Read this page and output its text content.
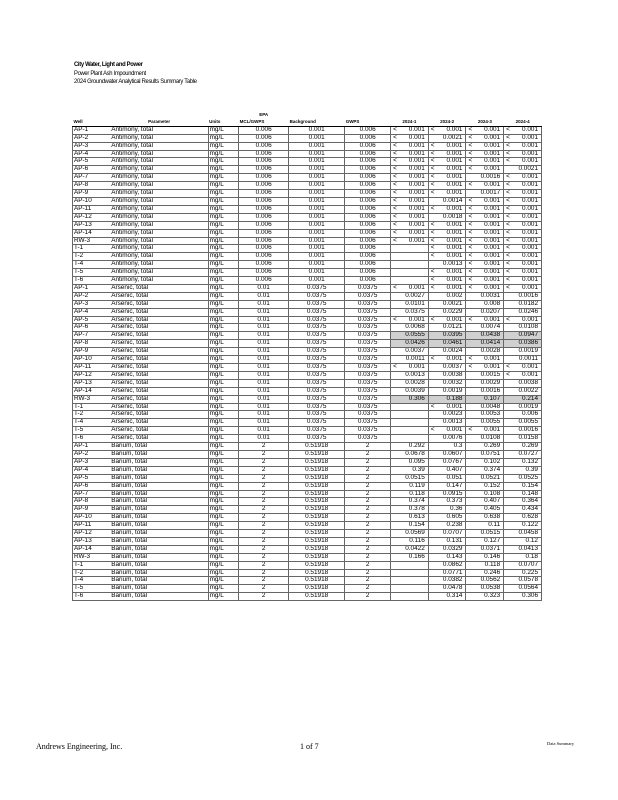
City Water, Light and Power
Power Plant Ash Impoundment
2024 Groundwater Analytical Results Summary Table
			EPA										
Well	Parameter	Units	MCL/GWPS	Background	GWPS	2024-1		2024-2		2024-3		2024-4	
AP-1	Antimony, total	mg/L	0.006	0.001	0.006	<	0.001	<	0.001	<	0.001	<	0.001
AP-2	Antimony, total	mg/L	0.006	0.001	0.006	<	0.001		0.0021	<	0.001	<	0.001
AP-3	Antimony, total	mg/L	0.006	0.001	0.006	<	0.001	<	0.001	<	0.001	<	0.001
AP-4	Antimony, total	mg/L	0.006	0.001	0.006	<	0.001	<	0.001	<	0.001	<	0.001
AP-5	Antimony, total	mg/L	0.006	0.001	0.006	<	0.001	<	0.001	<	0.001	<	0.001
AP-6	Antimony, total	mg/L	0.006	0.001	0.006	<	0.001	<	0.001	<	0.001		0.0021
AP-7	Antimony, total	mg/L	0.006	0.001	0.006	<	0.001	<	0.001		0.0016	<	0.001
AP-8	Antimony, total	mg/L	0.006	0.001	0.006	<	0.001	<	0.001	<	0.001	<	0.001
AP-9	Antimony, total	mg/L	0.006	0.001	0.006	<	0.001	<	0.001		0.0017	<	0.001
AP-10	Antimony, total	mg/L	0.006	0.001	0.006	<	0.001		0.0014	<	0.001	<	0.001
AP-11	Antimony, total	mg/L	0.006	0.001	0.006	<	0.001	<	0.001	<	0.001	<	0.001
AP-12	Antimony, total	mg/L	0.006	0.001	0.006	<	0.001		0.0018	<	0.001	<	0.001
AP-13	Antimony, total	mg/L	0.006	0.001	0.006	<	0.001	<	0.001	<	0.001	<	0.001
AP-14	Antimony, total	mg/L	0.006	0.001	0.006	<	0.001	<	0.001	<	0.001	<	0.001
RW-3	Antimony, total	mg/L	0.006	0.001	0.006	<	0.001	<	0.001	<	0.001	<	0.001
T-1	Antimony, total	mg/L	0.006	0.001	0.006			<	0.001	<	0.001	<	0.001
T-2	Antimony, total	mg/L	0.006	0.001	0.006			<	0.001	<	0.001	<	0.001
T-4	Antimony, total	mg/L	0.006	0.001	0.006				0.0013	<	0.001	<	0.001
T-5	Antimony, total	mg/L	0.006	0.001	0.006			<	0.001	<	0.001	<	0.001
T-6	Antimony, total	mg/L	0.006	0.001	0.006			<	0.001	<	0.001	<	0.001
AP-1	Arsenic, total	mg/L	0.01	0.0375	0.0375	<	0.001	<	0.001	<	0.001	<	0.001
AP-2	Arsenic, total	mg/L	0.01	0.0375	0.0375		0.0027		0.002		0.0031		0.0016
AP-3	Arsenic, total	mg/L	0.01	0.0375	0.0375		0.0101		0.0021		0.008		0.0182
AP-4	Arsenic, total	mg/L	0.01	0.0375	0.0375		0.0375		0.0229		0.0207		0.0246
AP-5	Arsenic, total	mg/L	0.01	0.0375	0.0375	<	0.001	<	0.001	<	0.001	<	0.001
AP-6	Arsenic, total	mg/L	0.01	0.0375	0.0375		0.0068		0.0121		0.0074		0.0108
AP-7	Arsenic, total	mg/L	0.01	0.0375	0.0375		0.0555		0.0395		0.0438		0.0947
AP-8	Arsenic, total	mg/L	0.01	0.0375	0.0375		0.0426		0.0461		0.0414		0.0386
AP-9	Arsenic, total	mg/L	0.01	0.0375	0.0375		0.0037		0.0024		0.0028		0.0019
AP-10	Arsenic, total	mg/L	0.01	0.0375	0.0375		0.0011	<	0.001	<	0.001		0.0011
AP-11	Arsenic, total	mg/L	0.01	0.0375	0.0375	<	0.001		0.0037	<	0.001	<	0.001
AP-12	Arsenic, total	mg/L	0.01	0.0375	0.0375		0.0013		0.0038		0.0015	<	0.001
AP-13	Arsenic, total	mg/L	0.01	0.0375	0.0375		0.0028		0.0032		0.0029		0.0038
AP-14	Arsenic, total	mg/L	0.01	0.0375	0.0375		0.0039		0.0019		0.0016		0.0022
RW-3	Arsenic, total	mg/L	0.01	0.0375	0.0375		0.306		0.188		0.107		0.214
T-1	Arsenic, total	mg/L	0.01	0.0375	0.0375			<	0.001		0.0048		0.0019
T-2	Arsenic, total	mg/L	0.01	0.0375	0.0375				0.0023		0.0053		0.006
T-4	Arsenic, total	mg/L	0.01	0.0375	0.0375				0.0013		0.0055		0.0055
T-5	Arsenic, total	mg/L	0.01	0.0375	0.0375			<	0.001	<	0.001		0.0016
T-6	Arsenic, total	mg/L	0.01	0.0375	0.0375				0.0076		0.0108		0.0158
AP-1	Barium, total	mg/L	2	0.51918	2		0.292		0.3		0.269		0.269
AP-2	Barium, total	mg/L	2	0.51918	2		0.0678		0.0607		0.0751		0.0727
AP-3	Barium, total	mg/L	2	0.51918	2		0.095		0.0767		0.102		0.132
AP-4	Barium, total	mg/L	2	0.51918	2		0.39		0.407		0.374		0.39
AP-5	Barium, total	mg/L	2	0.51918	2		0.0515		0.051		0.0521		0.0525
AP-6	Barium, total	mg/L	2	0.51918	2		0.119		0.147		0.152		0.154
AP-7	Barium, total	mg/L	2	0.51918	2		0.118		0.0915		0.108		0.148
AP-8	Barium, total	mg/L	2	0.51918	2		0.374		0.373		0.407		0.364
AP-9	Barium, total	mg/L	2	0.51918	2		0.378		0.36		0.405		0.434
AP-10	Barium, total	mg/L	2	0.51918	2		0.613		0.605		0.638		0.628
AP-11	Barium, total	mg/L	2	0.51918	2		0.154		0.238		0.11		0.122
AP-12	Barium, total	mg/L	2	0.51918	2		0.0569		0.0707		0.0515		0.0458
AP-13	Barium, total	mg/L	2	0.51918	2		0.116		0.131		0.127		0.12
AP-14	Barium, total	mg/L	2	0.51918	2		0.0422		0.0329		0.0371		0.0413
RW-3	Barium, total	mg/L	2	0.51918	2		0.166		0.143		0.146		0.18
T-1	Barium, total	mg/L	2	0.51918	2				0.0862		0.118		0.0707
T-2	Barium, total	mg/L	2	0.51918	2				0.0771		0.246		0.225
T-4	Barium, total	mg/L	2	0.51918	2				0.0382		0.0562		0.0578
T-5	Barium, total	mg/L	2	0.51918	2				0.0478		0.0538		0.0564
T-6	Barium, total	mg/L	2	0.51918	2				0.314		0.323		0.306
Andrews Engineering, Inc.	1 of 7	Data Summary
